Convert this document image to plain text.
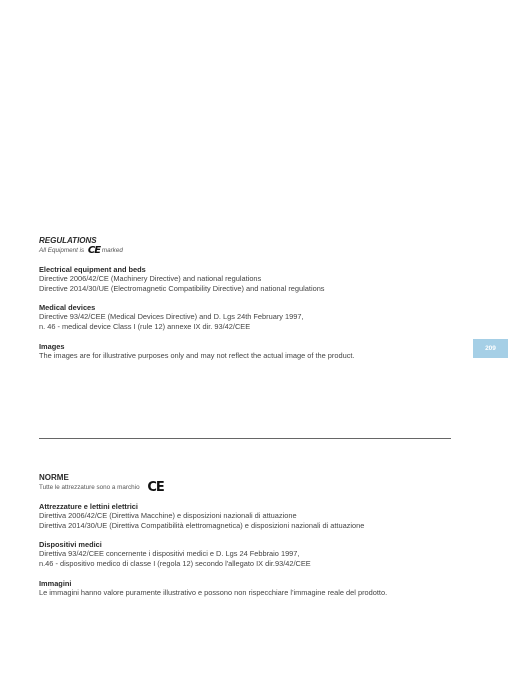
REGULATIONS
All Equipment is CE marked
Electrical equipment and beds

Directive 2006/42/CE (Machinery Directive) and national regulations

Directive 2014/30/UE (Electromagnetic Compatibility Directive) and national regulations

Medical devices

Directive 93/42/CEE (Medical Devices Directive) and D. Lgs 24th February 1997,

n. 46 - medical device Class I (rule 12) annexe IX dir. 93/42/CEE

Images

The images are for illustrative purposes only and may not reflect the actual image of the product.

209
NORME
Tutte le attrezzature sono a marchio CE
Attrezzature e lettini elettrici

Direttiva 2006/42/CE (Direttiva Macchine) e disposizioni nazionali di attuazione

Direttiva 2014/30/UE (Direttiva Compatibilità elettromagnetica) e disposizioni nazionali di attuazione

Dispositivi medici

Direttiva 93/42/CEE concernente i dispositivi medici e D. Lgs 24 Febbraio 1997,

n.46 - dispositivo medico di classe I (regola 12) secondo l'allegato IX dir.93/42/CEE

Immagini

Le immagini hanno valore puramente illustrativo e possono non rispecchiare l'immagine reale del prodotto.
